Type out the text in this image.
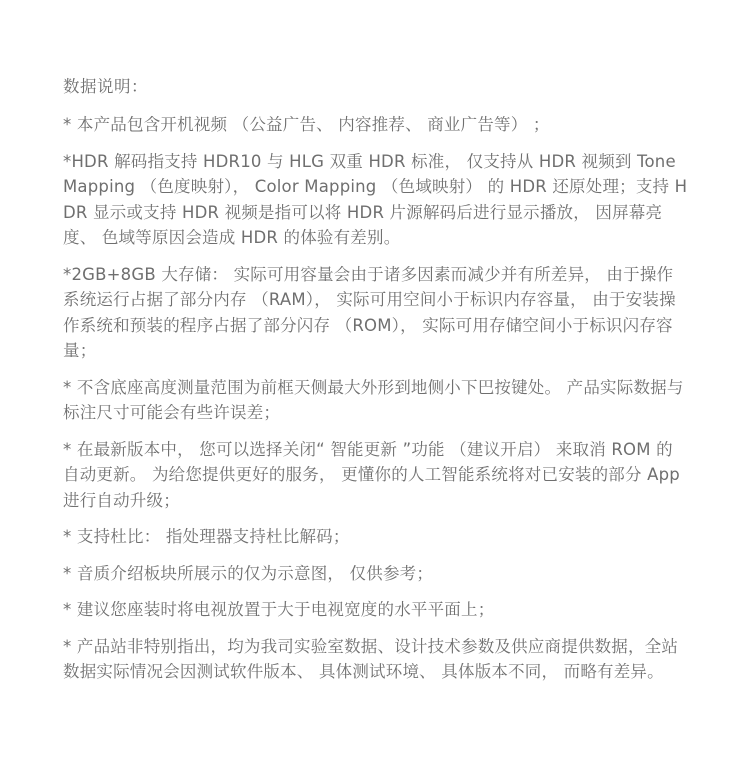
数据说明：
* 本产品包含开机视频 （公益广告、 内容推荐、 商业广告等） ；
*HDR 解码指支持 HDR10 与 HLG 双重 HDR 标准， 仅支持从 HDR 视频到 Tone Mapping （色度映射）， Color Mapping （色域映射） 的 HDR 还原处理；支持 HDR 显示或支持 HDR 视频是指可以将 HDR 片源解码后进行显示播放， 因屏幕亮度、 色域等原因会造成 HDR 的体验有差别。
*2GB+8GB 大存储： 实际可用容量会由于诸多因素而减少并有所差异， 由于操作系统运行占据了部分内存 （RAM）， 实际可用空间小于标识内存容量， 由于安装操作系统和预装的程序占据了部分闪存 （ROM）， 实际可用存储空间小于标识闪存容量；
* 不含底座高度测量范围为前框天侧最大外形到地侧小下巴按键处。 产品实际数据与标注尺寸可能会有些许误差；
* 在最新版本中， 您可以选择关闭“ 智能更新 ”功能 （建议开启） 来取消 ROM 的自动更新。 为给您提供更好的服务， 更懂你的人工智能系统将对已安装的部分 App 进行自动升级；
* 支持杜比： 指处理器支持杜比解码；
* 音质介绍板块所展示的仅为示意图， 仅供参考；
* 建议您座装时将电视放置于大于电视宽度的水平平面上；
* 产品站非特别指出，均为我司实验室数据、设计技术参数及供应商提供数据，全站数据实际情况会因测试软件版本、 具体测试环境、 具体版本不同， 而略有差异。
